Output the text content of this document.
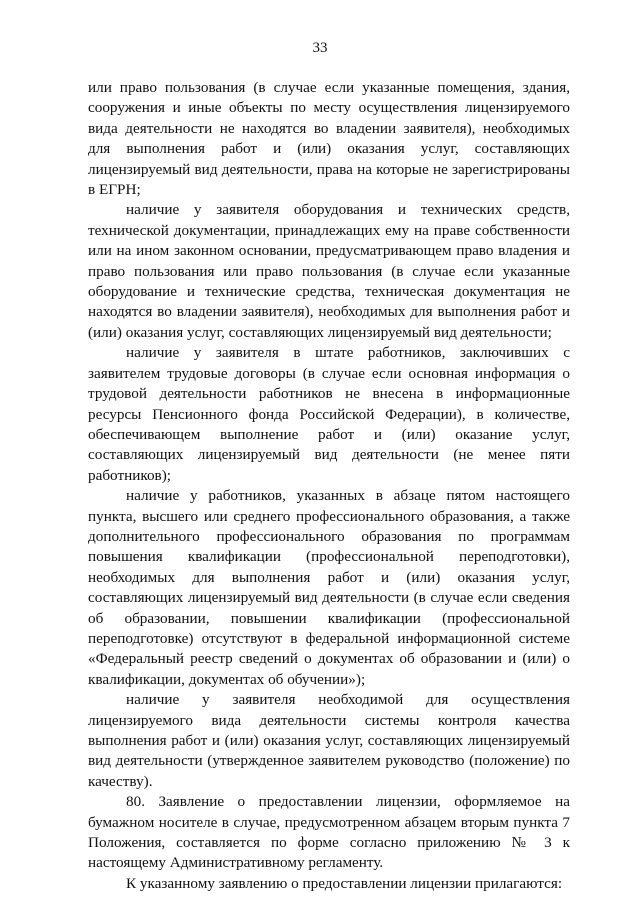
33

или право пользования (в случае если указанные помещения, здания, сооружения и иные объекты по месту осуществления лицензируемого вида деятельности не находятся во владении заявителя), необходимых для выполнения работ и (или) оказания услуг, составляющих лицензируемый вид деятельности, права на которые не зарегистрированы в ЕГРН;

наличие у заявителя оборудования и технических средств, технической документации, принадлежащих ему на праве собственности или на ином законном основании, предусматривающем право владения и право пользования или право пользования (в случае если указанные оборудование и технические средства, техническая документация не находятся во владении заявителя), необходимых для выполнения работ и (или) оказания услуг, составляющих лицензируемый вид деятельности;

наличие у заявителя в штате работников, заключивших с заявителем трудовые договоры (в случае если основная информация о трудовой деятельности работников не внесена в информационные ресурсы Пенсионного фонда Российской Федерации), в количестве, обеспечивающем выполнение работ и (или) оказание услуг, составляющих лицензируемый вид деятельности (не менее пяти работников);

наличие у работников, указанных в абзаце пятом настоящего пункта, высшего или среднего профессионального образования, а также дополнительного профессионального образования по программам повышения квалификации (профессиональной переподготовки), необходимых для выполнения работ и (или) оказания услуг, составляющих лицензируемый вид деятельности (в случае если сведения об образовании, повышении квалификации (профессиональной переподготовке) отсутствуют в федеральной информационной системе «Федеральный реестр сведений о документах об образовании и (или) о квалификации, документах об обучении»);

наличие у заявителя необходимой для осуществления лицензируемого вида деятельности системы контроля качества выполнения работ и (или) оказания услуг, составляющих лицензируемый вид деятельности (утвержденное заявителем руководство (положение) по качеству).

80. Заявление о предоставлении лицензии, оформляемое на бумажном носителе в случае, предусмотренном абзацем вторым пункта 7 Положения, составляется по форме согласно приложению № 3 к настоящему Административному регламенту.

К указанному заявлению о предоставлении лицензии прилагаются:
